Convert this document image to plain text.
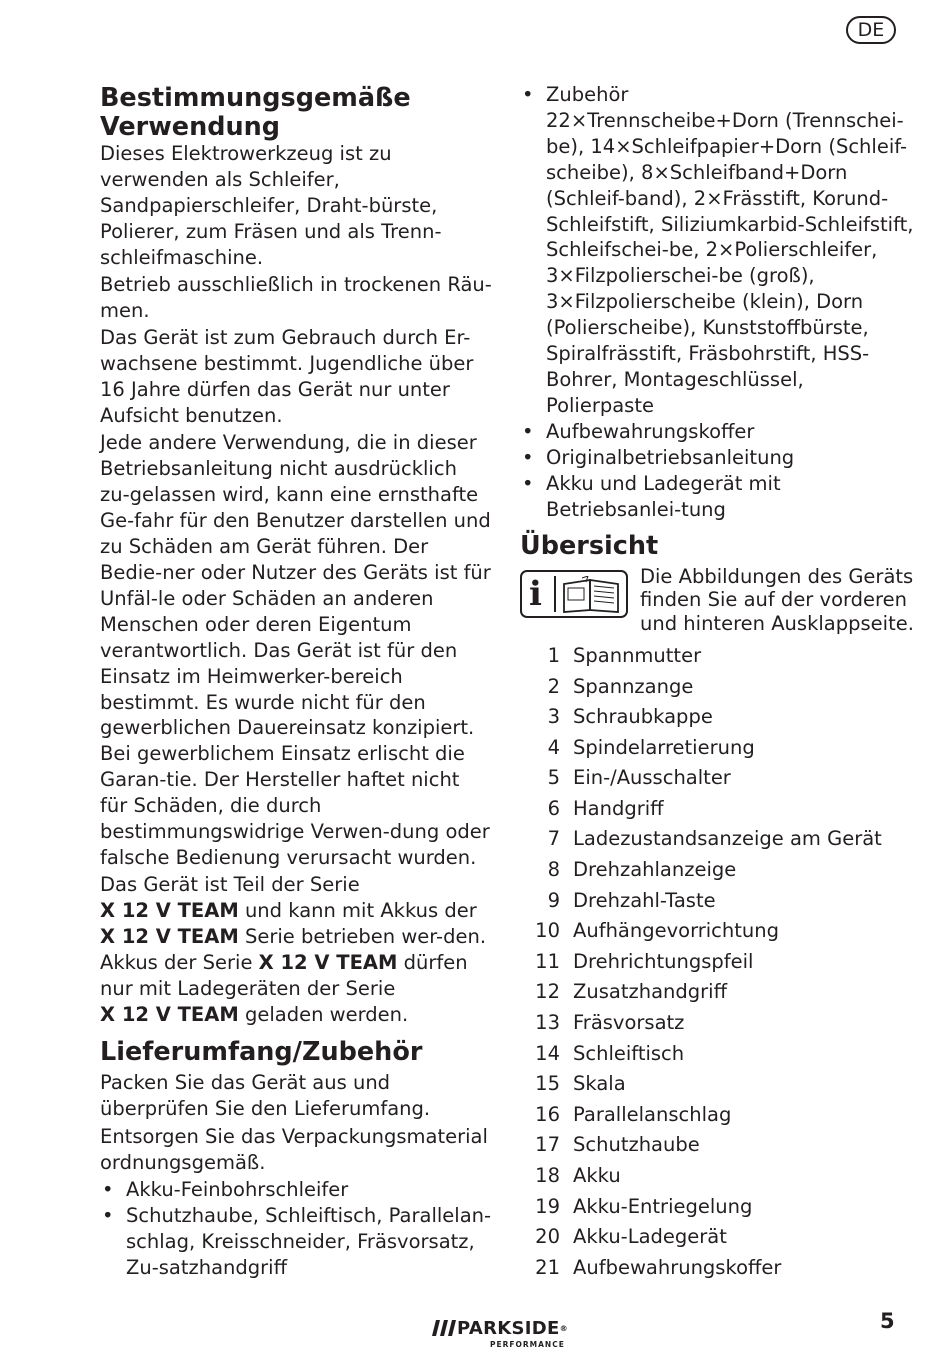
DE
Bestimmungsgemäße Verwendung

Dieses Elektrowerkzeug ist zu verwenden als Schleifer, Sandpapierschleifer, Draht-bürste, Polierer, zum Fräsen und als Trenn-schleifmaschine.

Betrieb ausschließlich in trockenen Räu-men.

Das Gerät ist zum Gebrauch durch Er-wachsene bestimmt. Jugendliche über 16 Jahre dürfen das Gerät nur unter Aufsicht benutzen.

Jede andere Verwendung, die in dieser Betriebsanleitung nicht ausdrücklich zu-gelassen wird, kann eine ernsthafte Ge-fahr für den Benutzer darstellen und zu Schäden am Gerät führen. Der Bedie-ner oder Nutzer des Geräts ist für Unfäl-le oder Schäden an anderen Menschen oder deren Eigentum verantwortlich. Das Gerät ist für den Einsatz im Heimwerker-bereich bestimmt. Es wurde nicht für den gewerblichen Dauereinsatz konzipiert. Bei gewerblichem Einsatz erlischt die Garan-tie. Der Hersteller haftet nicht für Schäden, die durch bestimmungswidrige Verwen-dung oder falsche Bedienung verursacht wurden.

Das Gerät ist Teil der Serie
X 12 V TEAM und kann mit Akkus der
X 12 V TEAM Serie betrieben wer-den. Akkus der Serie X 12 V TEAM dürfen nur mit Ladegeräten der Serie
X 12 V TEAM geladen werden.

Lieferumfang/Zubehör

Packen Sie das Gerät aus und überprüfen Sie den Lieferumfang.

Entsorgen Sie das Verpackungsmaterial ordnungsgemäß.

• Akku-Feinbohrschleifer
• Schutzhaube, Schleiftisch, Parallelan-schlag, Kreisschneider, Fräsvorsatz, Zu-satzhandgriff
• Zubehör
22×Trennscheibe+Dorn (Trennschei-be), 14×Schleifpapier+Dorn (Schleif-scheibe), 8×Schleifband+Dorn (Schleif-band), 2×Frässtift, Korund-Schleifstift, Siliziumkarbid-Schleifstift, Schleifschei-be, 2×Polierschleifer, 3×Filzpolierschei-be (groß), 3×Filzpolierscheibe (klein), Dorn (Polierscheibe), Kunststoffbürste, Spiralfrässtift, Fräsbohrstift, HSS-Bohrer, Montageschlüssel, Polierpaste
• Aufbewahrungskoffer
• Originalbetriebsanleitung
• Akku und Ladegerät mit Betriebsanlei-tung
Übersicht
i	Die Abbildungen des Geräts finden Sie auf der vorderen und hinteren Ausklappseite.
1 Spannmutter
2 Spannzange
3 Schraubkappe
4 Spindelarretierung
5 Ein-/Ausschalter
6 Handgriff
7 Ladezustandsanzeige am Gerät
8 Drehzahlanzeige
9 Drehzahl-Taste
10 Aufhängevorrichtung
11 Drehrichtungspfeil
12 Zusatzhandgriff
13 Fräsvorsatz
14 Schleiftisch
15 Skala
16 Parallelanschlag
17 Schutzhaube
18 Akku
19 Akku-Entriegelung
20 Akku-Ladegerät
21 Aufbewahrungskoffer
PARKSIDE®
PERFORMANCE
5
